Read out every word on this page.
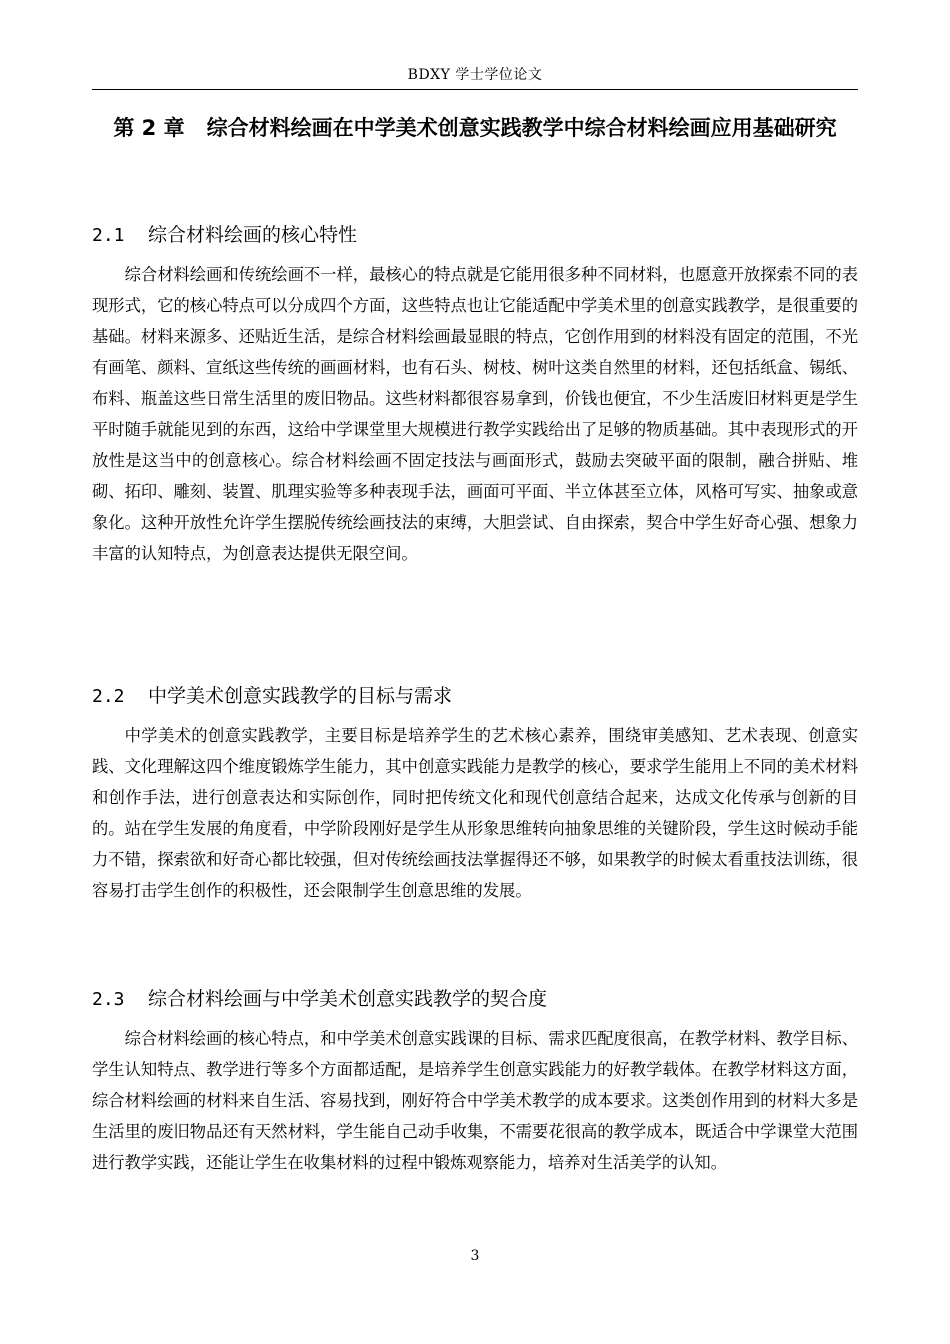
BDXY 学士学位论文
第 2 章 综合材料绘画在中学美术创意实践教学中综合材料绘画应用基础研究
2.1 综合材料绘画的核心特性

综合材料绘画和传统绘画不一样，最核心的特点就是它能用很多种不同材料，也愿意开放探索不同的表现形式，它的核心特点可以分成四个方面，这些特点也让它能适配中学美术里的创意实践教学，是很重要的基础。材料来源多、还贴近生活，是综合材料绘画最显眼的特点，它创作用到的材料没有固定的范围，不光有画笔、颜料、宣纸这些传统的画画材料，也有石头、树枝、树叶这类自然里的材料，还包括纸盒、锡纸、布料、瓶盖这些日常生活里的废旧物品。这些材料都很容易拿到，价钱也便宜，不少生活废旧材料更是学生平时随手就能见到的东西，这给中学课堂里大规模进行教学实践给出了足够的物质基础。其中表现形式的开放性是这当中的创意核心。综合材料绘画不固定技法与画面形式，鼓励去突破平面的限制，融合拼贴、堆砌、拓印、雕刻、装置、肌理实验等多种表现手法，画面可平面、半立体甚至立体，风格可写实、抽象或意象化。这种开放性允许学生摆脱传统绘画技法的束缚，大胆尝试、自由探索，契合中学生好奇心强、想象力丰富的认知特点，为创意表达提供无限空间。

2.2 中学美术创意实践教学的目标与需求

中学美术的创意实践教学，主要目标是培养学生的艺术核心素养，围绕审美感知、艺术表现、创意实践、文化理解这四个维度锻炼学生能力，其中创意实践能力是教学的核心，要求学生能用上不同的美术材料和创作手法，进行创意表达和实际创作，同时把传统文化和现代创意结合起来，达成文化传承与创新的目的。站在学生发展的角度看，中学阶段刚好是学生从形象思维转向抽象思维的关键阶段，学生这时候动手能力不错，探索欲和好奇心都比较强，但对传统绘画技法掌握得还不够，如果教学的时候太看重技法训练，很容易打击学生创作的积极性，还会限制学生创意思维的发展。

2.3 综合材料绘画与中学美术创意实践教学的契合度

综合材料绘画的核心特点，和中学美术创意实践课的目标、需求匹配度很高，在教学材料、教学目标、学生认知特点、教学进行等多个方面都适配，是培养学生创意实践能力的好教学载体。在教学材料这方面，综合材料绘画的材料来自生活、容易找到，刚好符合中学美术教学的成本要求。这类创作用到的材料大多是生活里的废旧物品还有天然材料，学生能自己动手收集，不需要花很高的教学成本，既适合中学课堂大范围进行教学实践，还能让学生在收集材料的过程中锻炼观察能力，培养对生活美学的认知。

3
